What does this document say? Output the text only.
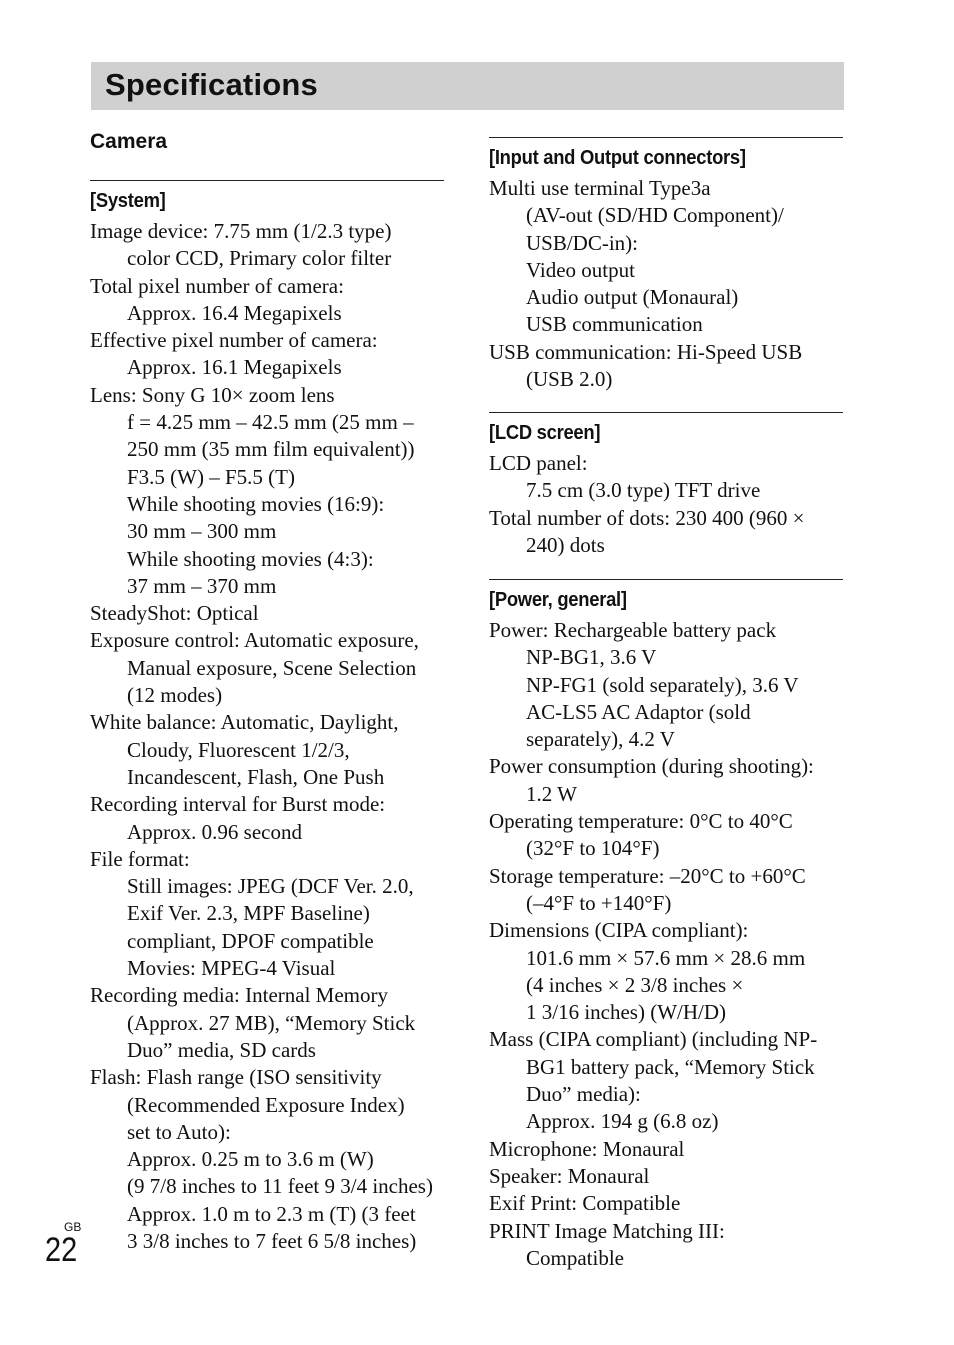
Specifications
Camera
[System]
Image device: 7.75 mm (1/2.3 type)
color CCD, Primary color filter
Total pixel number of camera:
Approx. 16.4 Megapixels
Effective pixel number of camera:
Approx. 16.1 Megapixels
Lens: Sony G 10× zoom lens
f = 4.25 mm – 42.5 mm (25 mm –
250 mm (35 mm film equivalent))
F3.5 (W) – F5.5 (T)
While shooting movies (16:9):
30 mm – 300 mm
While shooting movies (4:3):
37 mm – 370 mm
SteadyShot: Optical
Exposure control: Automatic exposure,
Manual exposure, Scene Selection
(12 modes)
White balance: Automatic, Daylight,
Cloudy, Fluorescent 1/2/3,
Incandescent, Flash, One Push
Recording interval for Burst mode:
Approx. 0.96 second
File format:
Still images: JPEG (DCF Ver. 2.0,
Exif Ver. 2.3, MPF Baseline)
compliant, DPOF compatible
Movies: MPEG-4 Visual
Recording media: Internal Memory
(Approx. 27 MB), “Memory Stick
Duo” media, SD cards
Flash: Flash range (ISO sensitivity
(Recommended Exposure Index)
set to Auto):
Approx. 0.25 m to 3.6 m (W)
(9 7/8 inches to 11 feet 9 3/4 inches)
Approx. 1.0 m to 2.3 m (T) (3 feet
3 3/8 inches to 7 feet 6 5/8 inches)
[Input and Output connectors]
Multi use terminal Type3a
(AV-out (SD/HD Component)/
USB/DC-in):
Video output
Audio output (Monaural)
USB communication
USB communication: Hi-Speed USB
(USB 2.0)
[LCD screen]
LCD panel:
7.5 cm (3.0 type) TFT drive
Total number of dots: 230 400 (960 ×
240) dots
[Power, general]
Power: Rechargeable battery pack
NP-BG1, 3.6 V
NP-FG1 (sold separately), 3.6 V
AC-LS5 AC Adaptor (sold
separately), 4.2 V
Power consumption (during shooting):
1.2 W
Operating temperature: 0°C to 40°C
(32°F to 104°F)
Storage temperature: –20°C to +60°C
(–4°F to +140°F)
Dimensions (CIPA compliant):
101.6 mm × 57.6 mm × 28.6 mm
(4 inches × 2 3/8 inches ×
1 3/16 inches) (W/H/D)
Mass (CIPA compliant) (including NP-
BG1 battery pack, “Memory Stick
Duo” media):
Approx. 194 g (6.8 oz)
Microphone: Monaural
Speaker: Monaural
Exif Print: Compatible
PRINT Image Matching III:
Compatible
GB
22
